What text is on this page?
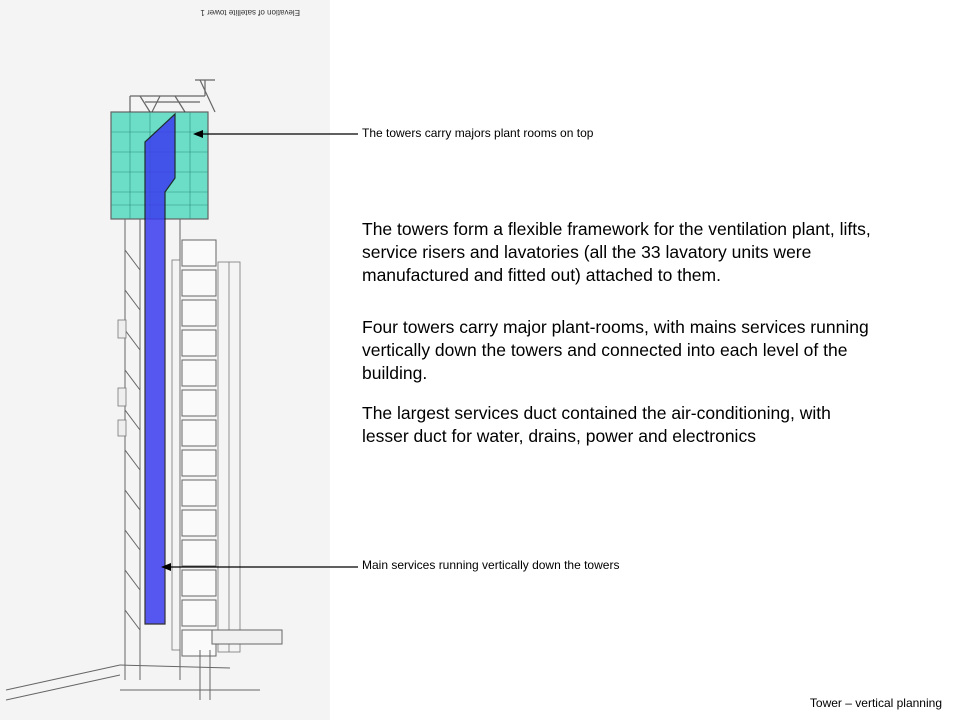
Elevation of satellite tower 1
The towers carry majors plant rooms on top
Main services running vertically down the towers

The towers form a flexible framework for the ventilation plant, lifts, service risers and lavatories (all the 33 lavatory units were manufactured and fitted out) attached to them.

Four towers carry major plant-rooms, with mains services running vertically down the towers and connected into each level of the building.

The largest services duct contained the air-conditioning, with lesser duct for water, drains, power and electronics

Tower – vertical planning
